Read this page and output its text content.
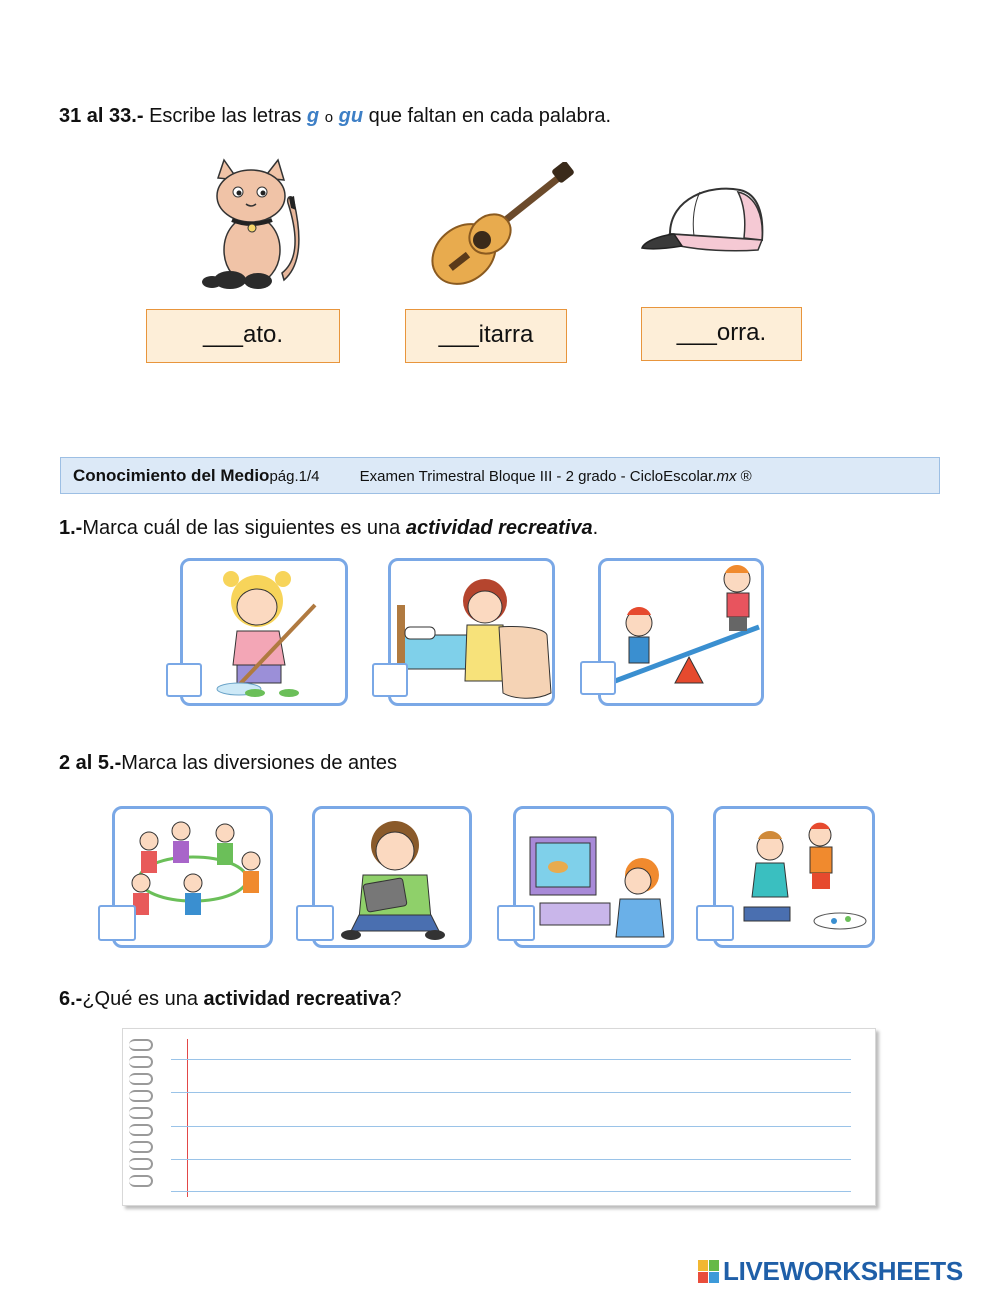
31 al 33.- Escribe las letras g o gu que faltan en cada palabra.
___ato.	___itarra	___orra.
Conocimiento del Mediopág.1/4	Examen Trimestral Bloque III - 2 grado - CicloEscolar.mx ®
1.-Marca cuál de las siguientes es una actividad recreativa.
2 al 5.-Marca las diversiones de antes
6.-¿Qué es una actividad recreativa?
LIVEWORKSHEETS
